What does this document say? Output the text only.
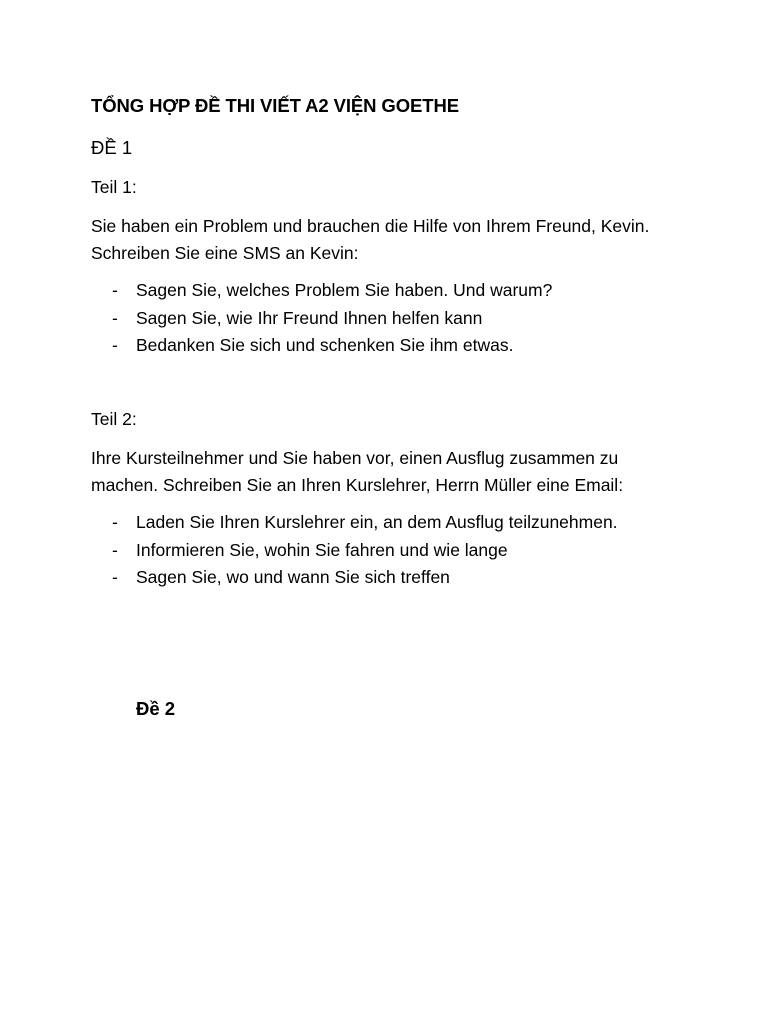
TỔNG HỢP ĐỀ THI VIẾT A2 VIỆN GOETHE
ĐỀ 1
Teil 1:
Sie haben ein Problem und brauchen die Hilfe von Ihrem Freund, Kevin.
Schreiben Sie eine SMS an Kevin:
- Sagen Sie, welches Problem Sie haben. Und warum?
- Sagen Sie, wie Ihr Freund Ihnen helfen kann
- Bedanken Sie sich und schenken Sie ihm etwas.
Teil 2:
Ihre Kursteilnehmer und Sie haben vor, einen Ausflug zusammen zu
machen. Schreiben Sie an Ihren Kurslehrer, Herrn Müller eine Email:
- Laden Sie Ihren Kurslehrer ein, an dem Ausflug teilzunehmen.
- Informieren Sie, wohin Sie fahren und wie lange
- Sagen Sie, wo und wann Sie sich treffen
Đề 2
